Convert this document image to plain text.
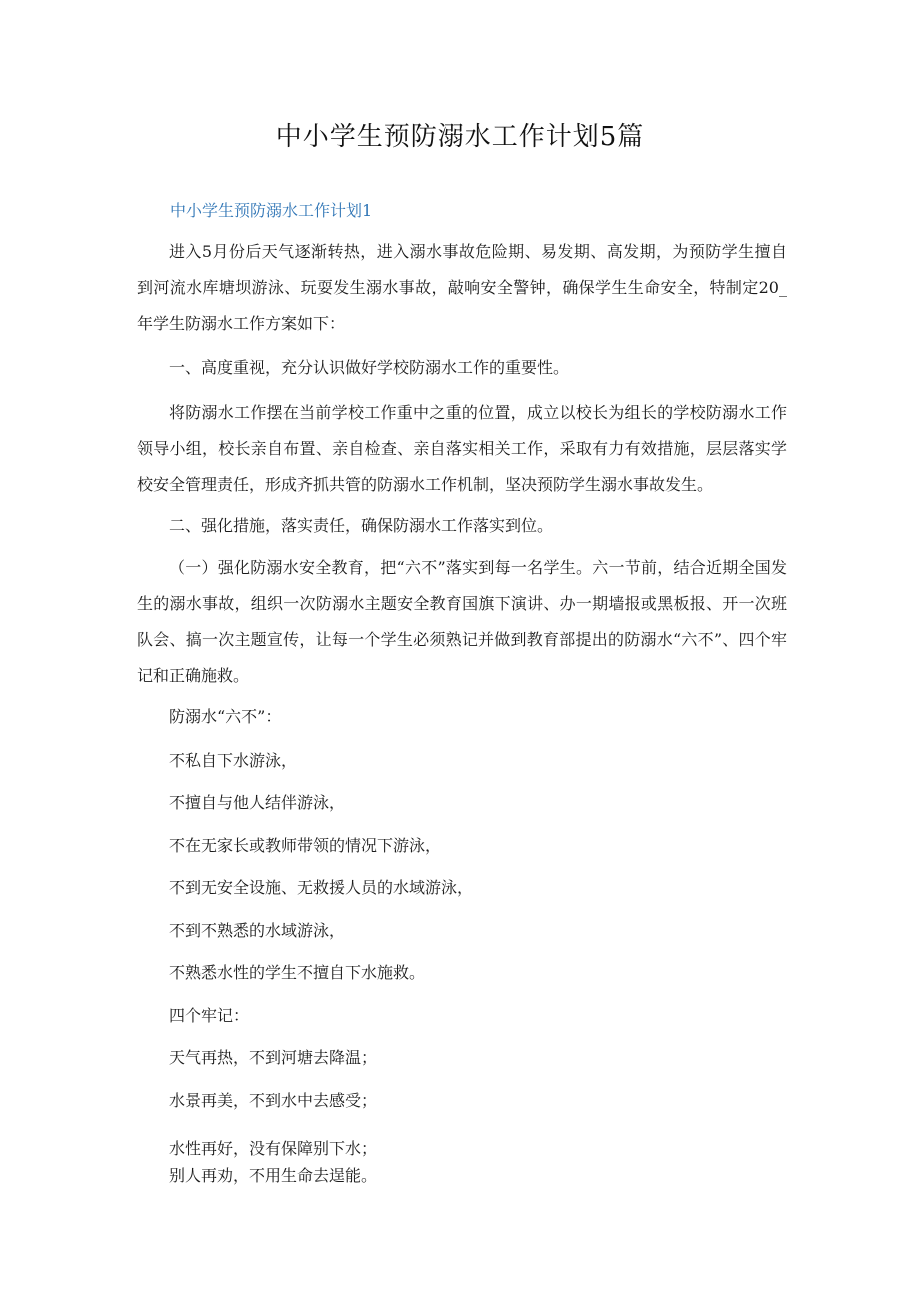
中小学生预防溺水工作计划5篇
中小学生预防溺水工作计划1

进入5月份后天气逐渐转热，进入溺水事故危险期、易发期、高发期，为预防学生擅自到河流水库塘坝游泳、玩耍发生溺水事故，敲响安全警钟，确保学生生命安全，特制定20_年学生防溺水工作方案如下：

一、高度重视，充分认识做好学校防溺水工作的重要性。

将防溺水工作摆在当前学校工作重中之重的位置，成立以校长为组长的学校防溺水工作领导小组，校长亲自布置、亲自检查、亲自落实相关工作，采取有力有效措施，层层落实学校安全管理责任，形成齐抓共管的防溺水工作机制，坚决预防学生溺水事故发生。

二、强化措施，落实责任，确保防溺水工作落实到位。

（一）强化防溺水安全教育，把“六不”落实到每一名学生。六一节前，结合近期全国发生的溺水事故，组织一次防溺水主题安全教育国旗下演讲、办一期墙报或黑板报、开一次班队会、搞一次主题宣传，让每一个学生必须熟记并做到教育部提出的防溺水“六不”、四个牢记和正确施救。

防溺水“六不”：
不私自下水游泳，
不擅自与他人结伴游泳，
不在无家长或教师带领的情况下游泳，
不到无安全设施、无救援人员的水域游泳，
不到不熟悉的水域游泳，
不熟悉水性的学生不擅自下水施救。
四个牢记：
天气再热，不到河塘去降温；
水景再美，不到水中去感受；
水性再好，没有保障别下水；
别人再劝，不用生命去逞能。
